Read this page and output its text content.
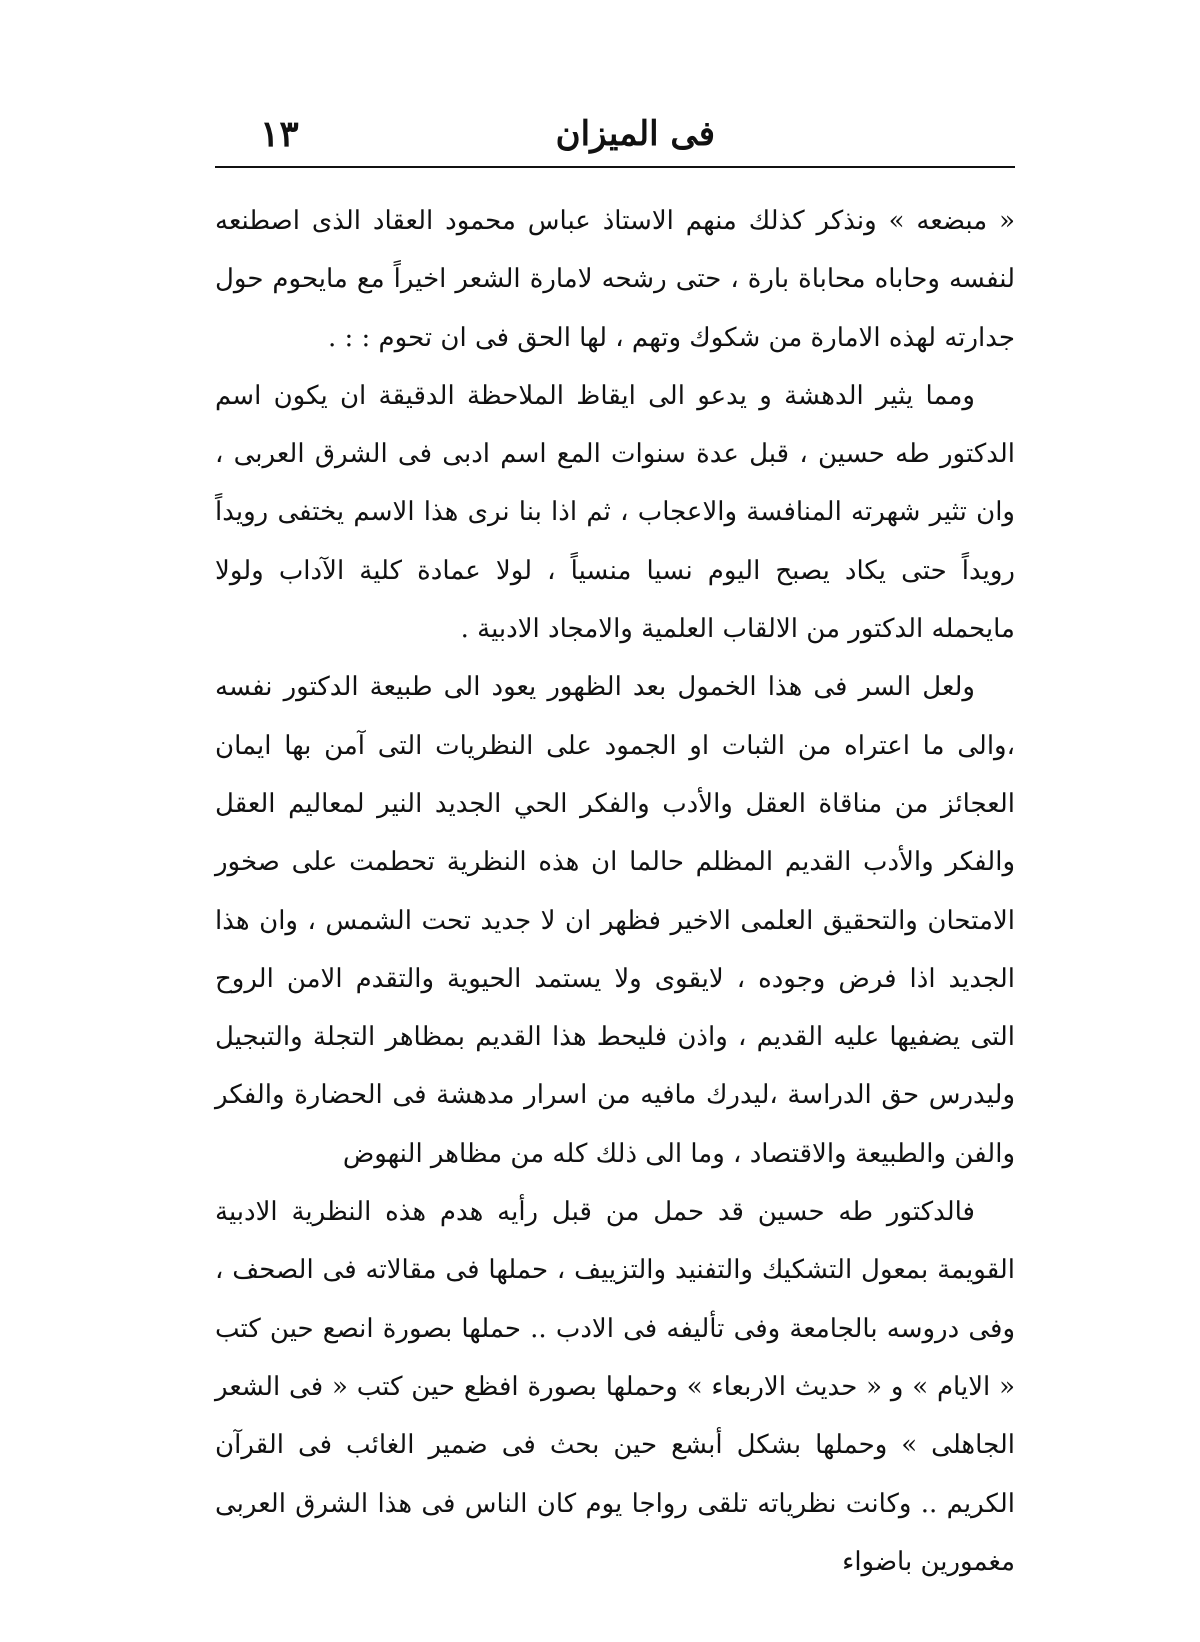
فى الميزان
١٣

« مبضعه » ونذكر كذلك منهم الاستاذ عباس محمود العقاد الذى اصطنعه لنفسه وحاباه محاباة بارة ، حتى رشحه لامارة الشعر اخيراً مع مايحوم حول جدارته لهذه الامارة من شكوك وتهم ، لها الحق فى ان تحوم : : .

ومما يثير الدهشة و يدعو الى ايقاظ الملاحظة الدقيقة ان يكون اسم الدكتور طه حسين ، قبل عدة سنوات المع اسم ادبى فى الشرق العربى ، وان تثير شهرته المنافسة والاعجاب ، ثم اذا بنا نرى هذا الاسم يختفى رويداً رويداً حتى يكاد يصبح اليوم نسيا منسياً ، لولا عمادة كلية الآداب ولولا مايحمله الدكتور من الالقاب العلمية والامجاد الادبية .

ولعل السر فى هذا الخمول بعد الظهور يعود الى طبيعة الدكتور نفسه ،والى ما اعتراه من الثبات او الجمود على النظريات التى آمن بها ايمان العجائز من مناقاة العقل والأدب والفكر الحي الجديد النير لمعاليم العقل والفكر والأدب القديم المظلم حالما ان هذه النظرية تحطمت على صخور الامتحان والتحقيق العلمى الاخير فظهر ان لا جديد تحت الشمس ، وان هذا الجديد اذا فرض وجوده ، لايقوى ولا يستمد الحيوية والتقدم الامن الروح التى يضفيها عليه القديم ، واذن فليحط هذا القديم بمظاهر التجلة والتبجيل وليدرس حق الدراسة ،ليدرك مافيه من اسرار مدهشة فى الحضارة والفكر والفن والطبيعة والاقتصاد ، وما الى ذلك كله من مظاهر النهوض

فالدكتور طه حسين قد حمل من قبل رأيه هدم هذه النظرية الادبية القويمة بمعول التشكيك والتفنيد والتزييف ، حملها فى مقالاته فى الصحف ، وفى دروسه بالجامعة وفى تأليفه فى الادب .. حملها بصورة انصع حين كتب « الايام » و « حديث الاربعاء » وحملها بصورة افظع حين كتب « فى الشعر الجاهلى » وحملها بشكل أبشع حين بحث فى ضمير الغائب فى القرآن الكريم .. وكانت نظرياته تلقى رواجا يوم كان الناس فى هذا الشرق العربى مغمورين باضواء
